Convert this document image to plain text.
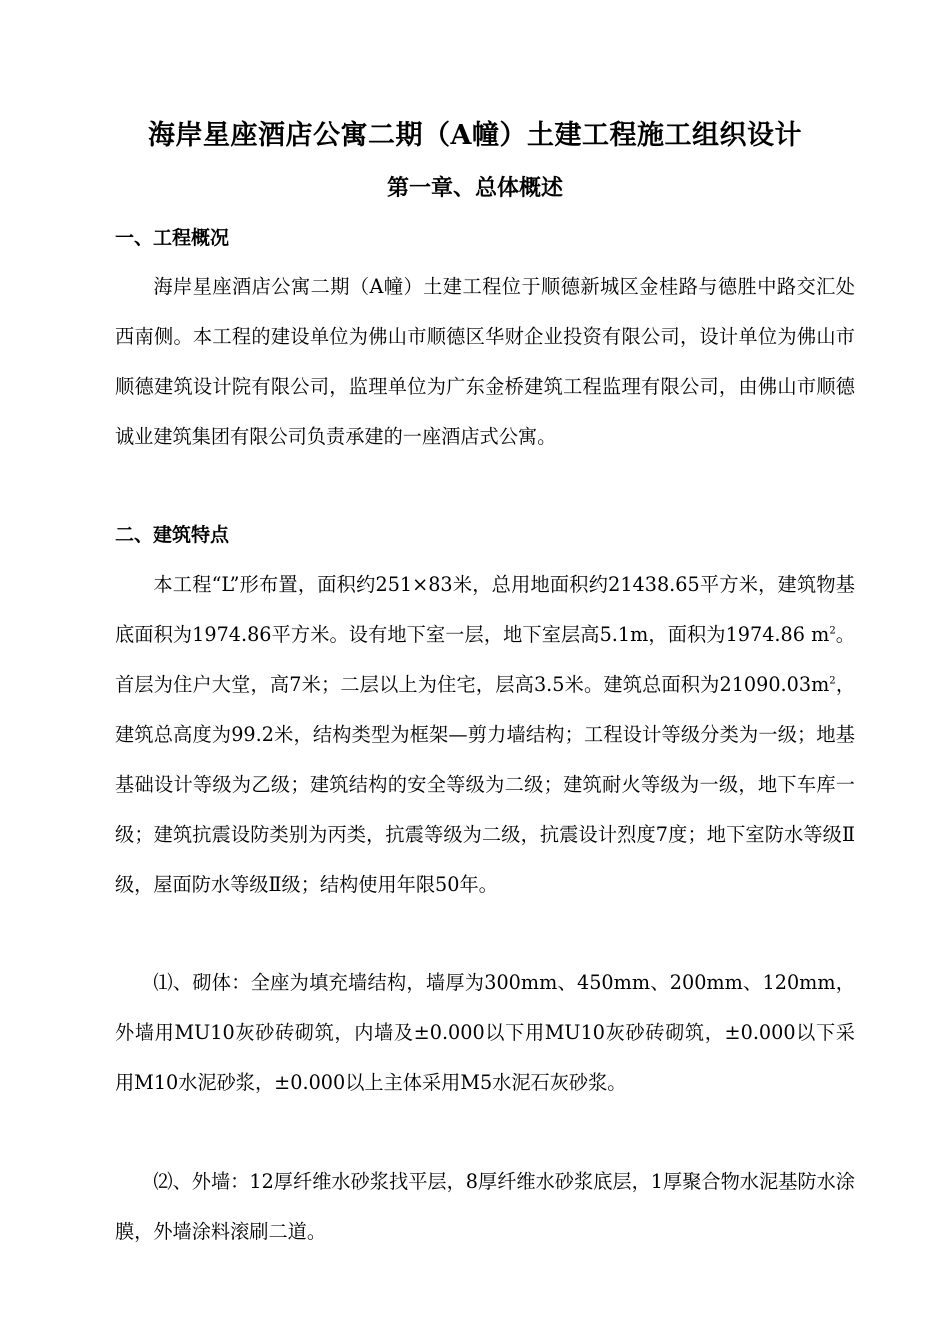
海岸星座酒店公寓二期（A幢）土建工程施工组织设计
第一章、总体概述
一、工程概况

海岸星座酒店公寓二期（A幢）土建工程位于顺德新城区金桂路与德胜中路交汇处西南侧。本工程的建设单位为佛山市顺德区华财企业投资有限公司，设计单位为佛山市顺德建筑设计院有限公司，监理单位为广东金桥建筑工程监理有限公司，由佛山市顺德诚业建筑集团有限公司负责承建的一座酒店式公寓。

二、建筑特点

本工程“L”形布置，面积约251×83米，总用地面积约21438.65平方米，建筑物基底面积为1974.86平方米。设有地下室一层，地下室层高5.1m，面积为1974.86 $m^2$。首层为住户大堂，高7米；二层以上为住宅，层高3.5米。建筑总面积为$21090.03m^2$，建筑总高度为99.2米，结构类型为框架—剪力墙结构；工程设计等级分类为一级；地基基础设计等级为乙级；建筑结构的安全等级为二级；建筑耐火等级为一级，地下车库一级；建筑抗震设防类别为丙类，抗震等级为二级，抗震设计烈度7度；地下室防水等级Ⅱ级，屋面防水等级Ⅱ级；结构使用年限50年。

⑴、砌体：全座为填充墙结构，墙厚为300mm、450mm、200mm、120mm，外墙用MU10灰砂砖砌筑，内墙及±0.000以下用MU10灰砂砖砌筑，±0.000以下采用M10水泥砂浆，±0.000以上主体采用M5水泥石灰砂浆。

⑵、外墙：12厚纤维水砂浆找平层，8厚纤维水砂浆底层，1厚聚合物水泥基防水涂膜，外墙涂料滚刷二道。
